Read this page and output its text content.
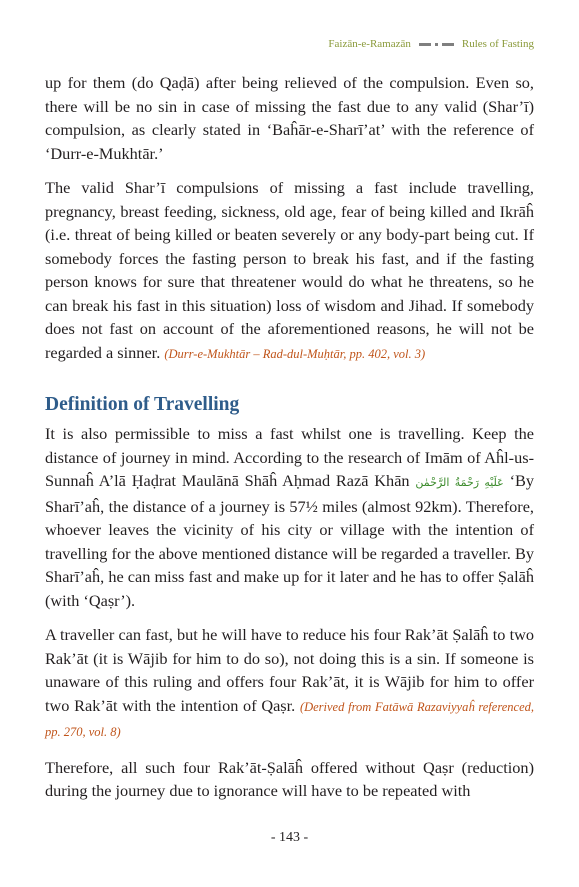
Faizān-e-Ramazān	Rules of Fasting

up for them (do Qaḍā) after being relieved of the compulsion. Even so, there will be no sin in case of missing the fast due to any valid (Shar’ī) compulsion, as clearly stated in ‘Baĥār-e-Sharī’at’ with the reference of ‘Durr-e-Mukhtār.’

The valid Shar’ī compulsions of missing a fast include travelling, pregnancy, breast feeding, sickness, old age, fear of being killed and Ikrāĥ (i.e. threat of being killed or beaten severely or any body-part being cut. If somebody forces the fasting person to break his fast, and if the fasting person knows for sure that threatener would do what he threatens, so he can break his fast in this situation) loss of wisdom and Jihad. If somebody does not fast on account of the aforementioned reasons, he will not be regarded a sinner. (Durr-e-Mukhtār – Rad-dul-Muḥtār, pp. 402, vol. 3)

Definition of Travelling

It is also permissible to miss a fast whilst one is travelling. Keep the distance of journey in mind. According to the research of Imām of Aĥl-us-Sunnaĥ A’lā Ḥaḍrat Maulānā Shāĥ Aḥmad Razā Khān عَلَيْهِ رَحْمَةُ الرَّحْمٰن ‘By Sharī’aĥ, the distance of a journey is 57½ miles (almost 92km). Therefore, whoever leaves the vicinity of his city or village with the intention of travelling for the above mentioned distance will be regarded a traveller. By Sharī’aĥ, he can miss fast and make up for it later and he has to offer Ṣalāĥ (with ‘Qaṣr’).

A traveller can fast, but he will have to reduce his four Rak’āt Ṣalāĥ to two Rak’āt (it is Wājib for him to do so), not doing this is a sin. If someone is unaware of this ruling and offers four Rak’āt, it is Wājib for him to offer two Rak’āt with the intention of Qaṣr. (Derived from Fatāwā Razaviyyaĥ referenced, pp. 270, vol. 8)

Therefore, all such four Rak’āt-Ṣalāĥ offered without Qaṣr (reduction) during the journey due to ignorance will have to be repeated with

- 143 -
